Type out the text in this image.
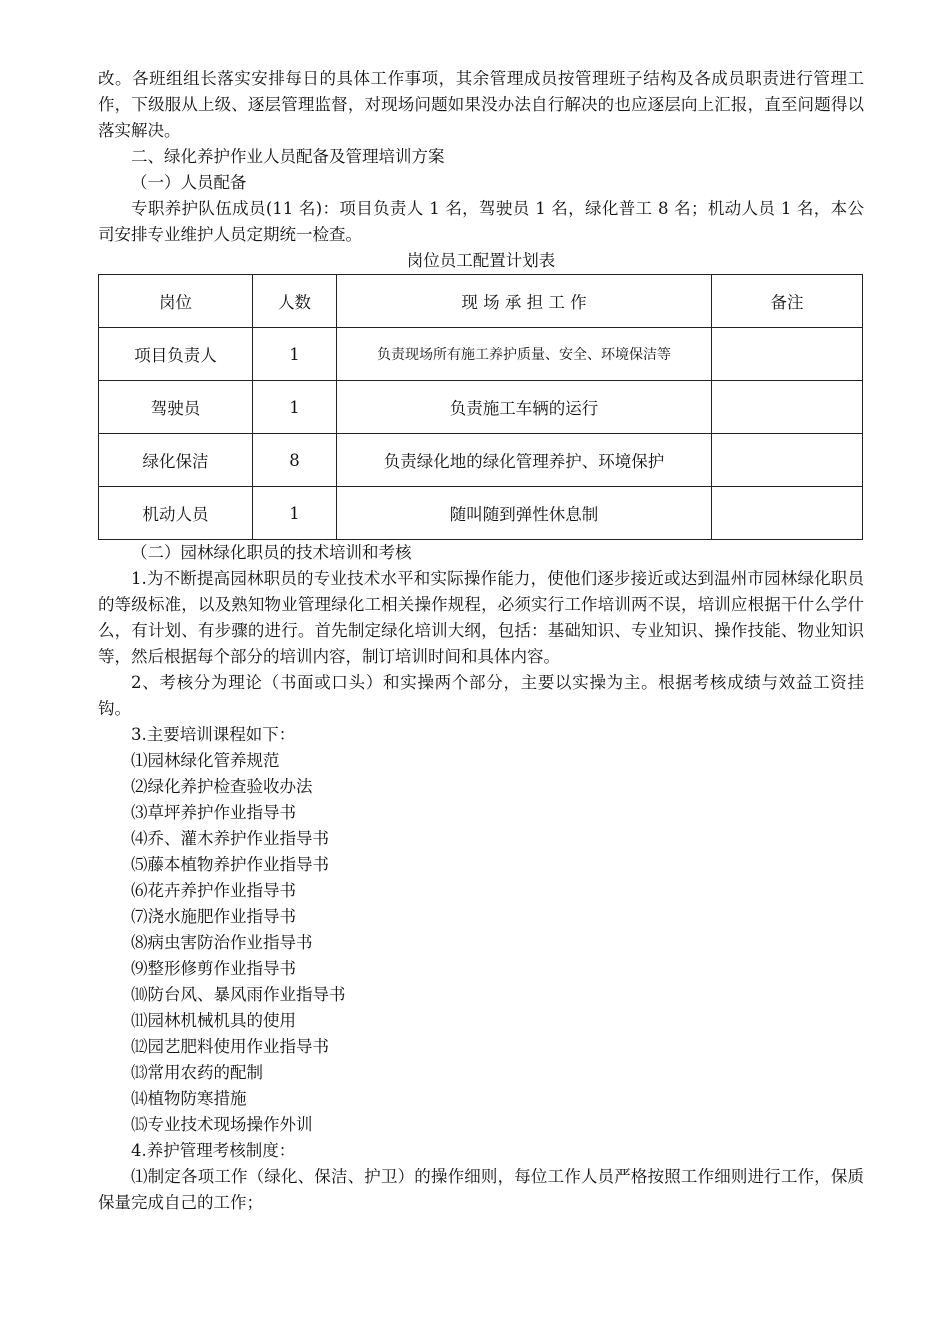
改。各班组组长落实安排每日的具体工作事项，其余管理成员按管理班子结构及各成员职责进行管理工作，下级服从上级、逐层管理监督，对现场问题如果没办法自行解决的也应逐层向上汇报，直至问题得以落实解决。

二、绿化养护作业人员配备及管理培训方案

（一）人员配备

专职养护队伍成员(11 名)：项目负责人 1 名，驾驶员 1 名，绿化普工 8 名；机动人员 1 名，本公司安排专业维护人员定期统一检查。

岗位员工配置计划表

岗位	人数	现 场 承 担 工 作	备注
项目负责人	1	负责现场所有施工养护质量、安全、环境保洁等	
驾驶员	1	负责施工车辆的运行	
绿化保洁	8	负责绿化地的绿化管理养护、环境保护	
机动人员	1	随叫随到弹性休息制	

（二）园林绿化职员的技术培训和考核

1.为不断提高园林职员的专业技术水平和实际操作能力，使他们逐步接近或达到温州市园林绿化职员的等级标准，以及熟知物业管理绿化工相关操作规程，必须实行工作培训两不误，培训应根据干什么学什么，有计划、有步骤的进行。首先制定绿化培训大纲，包括：基础知识、专业知识、操作技能、物业知识等，然后根据每个部分的培训内容，制订培训时间和具体内容。

2、考核分为理论（书面或口头）和实操两个部分，主要以实操为主。根据考核成绩与效益工资挂钩。

3.主要培训课程如下：

⑴园林绿化管养规范
⑵绿化养护检查验收办法
⑶草坪养护作业指导书
⑷乔、灌木养护作业指导书
⑸藤本植物养护作业指导书
⑹花卉养护作业指导书
⑺浇水施肥作业指导书
⑻病虫害防治作业指导书
⑼整形修剪作业指导书
⑽防台风、暴风雨作业指导书
⑾园林机械机具的使用
⑿园艺肥料使用作业指导书
⒀常用农药的配制
⒁植物防寒措施
⒂专业技术现场操作外训

4.养护管理考核制度：

⑴制定各项工作（绿化、保洁、护卫）的操作细则，每位工作人员严格按照工作细则进行工作，保质保量完成自己的工作；
